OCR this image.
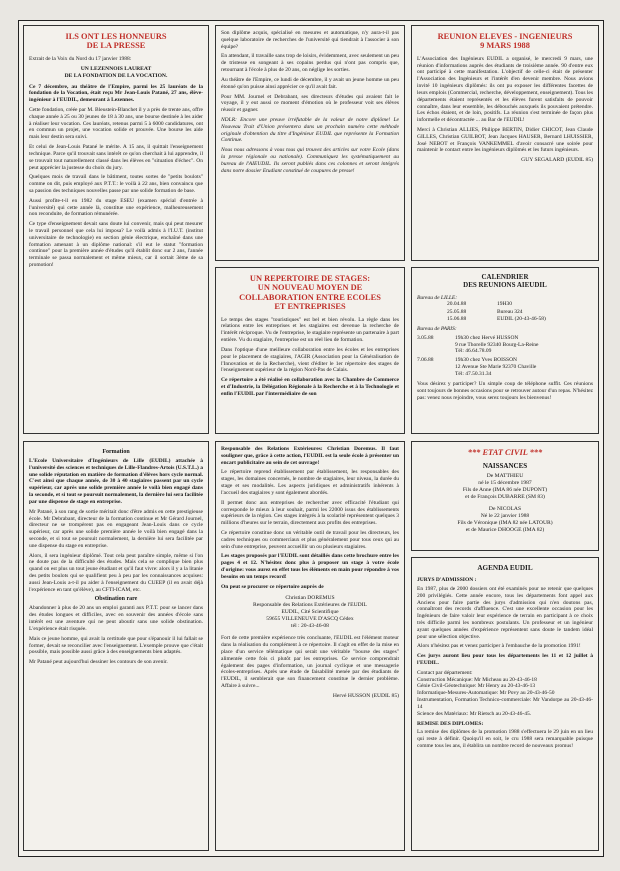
ILS ONT LES HONNEURS
DE LA PRESSE

Extrait de la Voix du Nord du 17 janvier 1988:

UN LEZENNOIS LAUREAT
DE LA FONDATION DE LA VOCATION.

Ce 7 décembre, au théâtre de l'Empire, parmi les 25 lauréats de la fondation de la Vocation, était reçu Mr Jean-Louis Patané, 27 ans, élève-ingénieur à l'EUDIL, demeurant à Lezennes.

Cette fondation, créée par M. Bleustein-Blanchet il y a près de trente ans, offre chaque année à 25 ou 30 jeunes de 18 à 30 ans, une bourse destinée à les aider à réaliser leur vocation. Ces lauréats, retenus parmi 5 à 6000 candidatures, ont en commun un projet, une vocation solide et prouvée. Une bourse les aide mais leur destin sera suivi.

Et celui de Jean-Louis Patané le mérite. A 15 ans, il quittait l'enseignement technique. Parce qu'il trouvait sans intérêt ce qu'on cherchait à lui apprendre, il se trouvait tout naturellement classé dans les élèves en "situation d'échec". On peut apprécier la justesse du choix du jury.

Quelques mois de travail dans le bâtiment, toutes sortes de "petits boulots" comme on dit, puis employé aux P.T.T.: le voilà à 22 ans, bien convaincu que sa passion des techniques nouvelles passe par une solide formation de base.

Aussi profite-t-il en 1982 du stage ESEU (examen spécial d'entrée à l'université) qui cette année là, constitue une expérience, malheureusement non reconduite, de formation rémunérée.

Ce type d'enseignement devait sans doute lui convenir, mais qui peut mesurer le travail personnel que cela lui imposa? Le voilà admis à l'I.U.T. (institut universitaire de technologie) en section génie électrique, enchaîné dans une formation amenant à un diplôme national: s'il eut le statut "formation continue" pour la première année d'études qu'il établit donc sur 2 ans, l'année terminale se passa normalement et même mieux, car il sortait 3ème de sa promotion!

Formation

L'Ecole Universitaire d'Ingénieurs de Lille (EUDIL) attachée à l'université des sciences et techniques de Lille-Flandres-Artois (U.S.T.L.) a une solide réputation en matière de formation d'élèves hors cycle normal. C'est ainsi que chaque année, de 30 à 40 stagiaires passent par un cycle supérieur, car après une solide première année le voilà bien engagé dans la seconde, et si tout se poursuit normalement, la dernière lui sera facilitée par une dispense de stage en entreprise.

Mr Patané, à son rang de sortie méritait donc d'être admis en cette prestigieuse école. Mr Debrabant, directeur de la formation continue et Mr Gérard Journel, directeur ne se trompèrent pas en engageant Jean-Louis dans ce cycle supérieur, car après une solide première année le voilà bien engagé dans la seconde, et si tout se poursuit normalement, la dernière lui sera facilitée par une dispense du stage en entreprise.

Alors, il sera ingénieur diplômé. Tout cela peut paraître simple, même si l'on ne doute pas de la difficulté des études. Mais cela se complique bien plus quand on est plus un tout jeune étudiant et qu'il faut vivre: alors il y a la litanie des petits boulots qui se qualifient peu à peu par les connaissances acquises: aussi Jean-Louis a-t-il pu aider à l'enseignement du CUEEP (il en avait déjà l'expérience en tant qu'élève), au CFTI-ICAM, etc.

Obstination rare

Abandonner à plus de 20 ans un emploi garanti aux P.T.T. pour se lancer dans des études longues et difficiles, avec en souvenir des années d'école sans intérêt est une aventure qui ne peut aboutir sans une solide obstination. L'expérience était risquée.

Mais ce jeune homme, qui avait la certitude que pour s'épanouir il lui fallait se former, devait se reconcilier avec l'enseignement. L'exemple prouve que c'était possible, mais possible aussi grâce à des enseignements bien adaptés.

Mr Patané peut aujourd'hui dessiner les contours de son avenir.

Son diplôme acquis, spécialisé en mesures et automatique, n'y aura-t-il pas quelque laboratoire de recherches de l'université qui tiendrait à l'associer à son équipe?

En attendant, il travaille sans trop de loisirs, évidemment, avec seulement un peu de tristesse en songeant à ses copains perdus qui n'ont pas compris que, retournant à l'école à plus de 20 ans, on néglige les sorties.

Au théâtre de l'Empire, ce lundi de décembre, il y avait un jeune homme un peu étonné qu'on puisse ainsi apprécier ce qu'il avait fait.

Pour MM. Journel et Debrabant, ses directeurs d'études qui avaient fait le voyage, il y eut aussi ce moment d'émotion où le professeur voit ses élèves réussir et gagner.

NDLR: Encore une preuve irréfutable de la valeur de notre diplôme! Le Nouveau Trait d'Union présentera dans un prochain numéro cette méthode originale d'obtention du titre d'Ingénieur EUDIL que représente la Formation Continue.

Nous nous adressons à vous tous qui trouvez des articles sur votre Ecole (dans la presse régionale ou nationale). Communiquez les systématiquement au bureau de l'AIEUDIL. Ils seront publiés dans ces colonnes et seront intégrés dans notre dossier Etudiant constitué de coupures de presse!

UN REPERTOIRE DE STAGES:
UN NOUVEAU MOYEN DE
COLLABORATION ENTRE ECOLES
ET ENTREPRISES

Le temps des stages "touristiques" est bel et bien révolu. La règle dans les relations entre les entreprises et les stagiaires est devenue la recherche de l'intérêt réciproque. Vu de l'entreprise, le stagiaire représente un partenaire à part entière. Vu du stagiaire, l'entreprise est un réel lieu de formation.

Dans l'optique d'une meilleure collaboration entre les écoles et les entreprises pour le placement de stagiaires, l'AGIR (Association pour la Généralisation de l'Innovation et de la Recherche), vient d'éditer le 1er répertoire des stages de l'enseignement supérieur de la région Nord-Pas de Calais.

Ce répertoire a été réalisé en collaboration avec la Chambre de Commerce et d'Industrie, la Délégation Régionale à la Recherche et à la Technologie et enfin l'EUDIL par l'intermédiaire de son

Responsable des Relations Extérieures: Christian Doremus. Il faut souligner que, grâce à cette action, l'EUDIL est la seule école à présenter un encart publicitaire au sein de cet ouvrage!

Le répertoire reprend établissement par établissement, les responsables des stages, les domaines concernés, le nombre de stagiaires, leur niveau, la durée du stage et ses modalités. Les aspects juridiques et administratifs inhérents à l'accueil des stagiaires y sont également abordés.

Il permet donc aux entreprises de rechercher avec efficacité l'étudiant qui corresponde le mieux à leur souhait, parmi les 22000 issus des établissements supérieurs de la région. Ces stages intègrés à la scolarité représentent quelques 3 millions d'heures sur le terrain, directement aux profits des entreprises.

Ce répertoire constitue donc un véritable outil de travail pour les directeurs, les cadres techniques ou commerciaux et plus généralement pour tous ceux qui au sein d'une entreprise, peuvent accueillir un ou plusieurs stagiaires.

Les stages proposés par l'EUDIL sont détaillés dans cette brochure entre les pages 4 et 12. N'hésitez donc plus à proposer un stage à votre école d'origine: vous aurez en effet tous les éléments en main pour répondre à vos besoins en un temps record!

On peut se procurer ce répertoire auprès de

Christian DOREMUS
Responsable des Relations Extérieures de l'EUDIL
EUDIL, Cité Scientifique
59655 VILLENEUVE D'ASCQ Cédex
tél : 20-43-46-08

Fort de cette première expérience très concluante, l'EUDIL est l'élément moteur dans la réalisation du complément à ce répertoire. Il s'agit en effet de la mise en place d'un service télématique qui serait une véritable "bourse des stages" alimentée cette fois ci plutôt par les entreprises. Ce service comprendrait également des pages d'information, un journal cyclique et une messagerie écoles-entreprises. Après une étude de faisabilité menée par des étudiants de l'EUDIL, il semblerait que son financement constitue le dernier problème. Affaire à suivre...

Hervé HUSSON (EUDIL 85)
REUNION ELEVES - INGENIEURS
9 MARS 1988

L'Association des Ingénieurs EUDIL a organisé, le mercredi 9 mars, une réunion d'informations auprès des étudiants de troisième année. 90 d'entre eux ont participé à cette manifestation. L'objectif de celle-ci était de présenter l'Association des Ingénieurs et l'intérêt d'en devenir membre. Nous avions invité 10 ingénieurs diplômés: ils ont pu exposer les différentes facettes de leurs emplois (Commercial, recherche, développement, enseignement). Tous les départements étaient représentés et les élèves furent satisfaits de pouvoir connaître, dans leur ensemble, les débouchés auxquels ils pouvaient prétendre. Les échos étaient, et de loin, positifs. La réunion s'est terminée de façon plus informelle et décontractée ... au Bar de l'EUDIL!

Merci à Christian ALLIES, Philippe BERTIN, Didier CHICOT, Jean Claude GILLES, Christian GUILBOT, Jean Jacques HAUSER, Bernard LHUISSIER, José NEBOT et François VANKEMMEL d'avoir consacré une soirée pour maintenir le contact entre les ingénieurs diplômés et les futurs ingénieurs.

GUY SEGALARD (EUDIL 85)
CALENDRIER
DES REUNIONS AIEUDIL
Bureau de LILLE:
20.04.88	19H30
25.05.88	Bureau 324
15.06.88	EUDIL (20-43-46-58)
Bureau de PARIS:
3.05.88	19h30 chez Hervé HUSSON
9 rue Thorelle 92340 Bourg-La-Reine
Tél: 46.64.78.09
7.06.88	19h30 chez Yves BOISSON
12 Avenue Ste Marie 92370 Chaville
Tél: 47.50.31.34

Vous désirez y participer? Un simple coup de téléphone suffit. Ces réunions sont toujours de bonnes occasions pour se retrouver autour d'un repas. N'hésitez pas: venez nous rejoindre, vous serez toujours les bienvenus!

*** ETAT CIVIL ***
NAISSANCES
De MATTHIEU
né le 15 décembre 1987
Fils de Anne (IMA 86 née DUPONT)
et de François DUBARRE (SM 83)
De NICOLAS
Né le 22 janvier 1988
Fils de Véronique (IMA 82 née LATOUR)
et de Maurice DHOOGE (IMA 82)
AGENDA EUDIL
JURYS D'ADMISSION :

En 1987, plus de 2000 dossiers ont été examinés pour ne retenir que quelques 200 privilégiés. Cette année encore, tous les départements font appel aux Anciens pour faire partie des jurys d'admission qui n'en doutons pas, connaîtront des records d'affluence. C'est une excellente occasion pour les Ingénieurs de faire valoir leur expérience de terrain en participant à ce choix très difficile parmi les nombreux postulants. Un professeur et un ingénieur ayant quelques années d'expérience représentent sans doute le tandem idéal pour une sélection objective.

Alors n'hésitez pas et venez participer à l'embauche de la promotion 1991!

Ces jurys auront lieu pour tous les départements les 11 et 12 juillet à l'EUDIL.

Contact par département:
Construction Mécanique: Mr Micheau au 20-43-46-18
Génie Civil-Géotechnique: Mr Henry au 20-43-46-13
Informatique-Mesures-Automatique: Mr Povy au 20-43-46-50
Instrumentation, Formation Technico-commerciale: Mr Vandorpe au 20-43-46-14
Science des Matériaux: Mr Rietsch au 20-43-46-45.
REMISE DES DIPLOMES:

La remise des diplômes de la promotion 1988 s'effectuera le 29 juin en un lieu qui reste à définir. Quoiqu'il en soit, le cru 1988 sera remarquable puisque comme tous les ans, il établira un nombre record de nouveaux promus!
